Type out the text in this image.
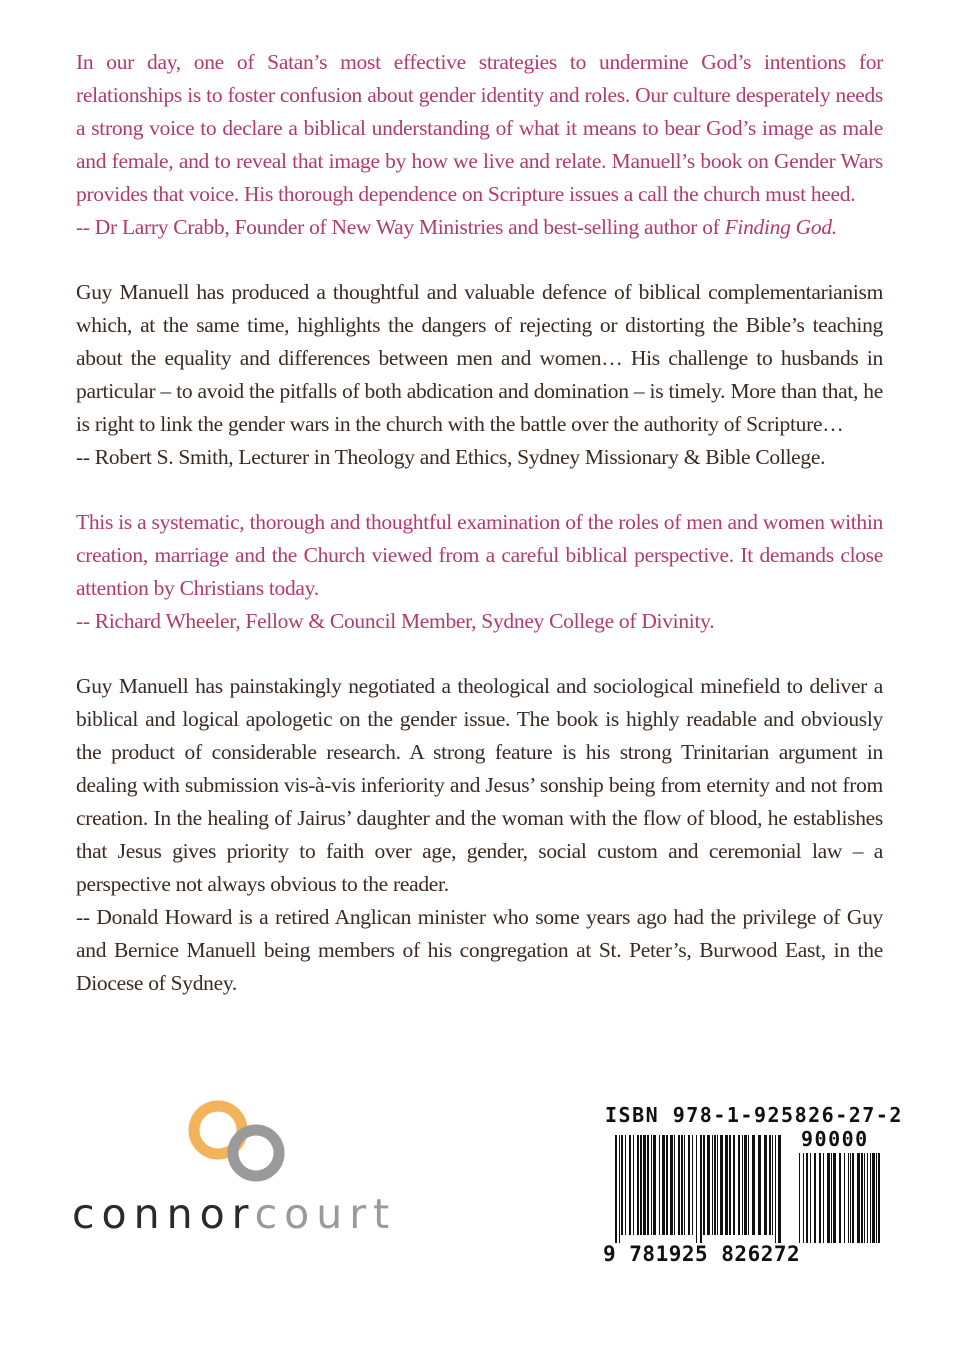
In our day, one of Satan’s most effective strategies to undermine God’s intentions for relationships is to foster confusion about gender identity and roles. Our culture desperately needs a strong voice to declare a biblical understanding of what it means to bear God’s image as male and female, and to reveal that image by how we live and relate. Manuell’s book on Gender Wars provides that voice. His thorough dependence on Scripture issues a call the church must heed.

-- Dr Larry Crabb, Founder of New Way Ministries and best-selling author of Finding God.

Guy Manuell has produced a thoughtful and valuable defence of biblical complementarianism which, at the same time, highlights the dangers of rejecting or distorting the Bible’s teaching about the equality and differences between men and women… His challenge to husbands in particular – to avoid the pitfalls of both abdication and domination – is timely. More than that, he is right to link the gender wars in the church with the battle over the authority of Scripture…

-- Robert S. Smith, Lecturer in Theology and Ethics, Sydney Missionary & Bible College.

This is a systematic, thorough and thoughtful examination of the roles of men and women within creation, marriage and the Church viewed from a careful biblical perspective. It demands close attention by Christians today.

-- Richard Wheeler, Fellow & Council Member, Sydney College of Divinity.

Guy Manuell has painstakingly negotiated a theological and sociological minefield to deliver a biblical and logical apologetic on the gender issue. The book is highly readable and obviously the product of considerable research. A strong feature is his strong Trinitarian argument in dealing with submission vis-à-vis inferiority and Jesus’ sonship being from eternity and not from creation. In the healing of Jairus’ daughter and the woman with the flow of blood, he establishes that Jesus gives priority to faith over age, gender, social custom and ceremonial law – a perspective not always obvious to the reader.

-- Donald Howard is a retired Anglican minister who some years ago had the privilege of Guy and Bernice Manuell being members of his congregation at St. Peter’s, Burwood East, in the Diocese of Sydney.

connorcourt
ISBN 978-1-925826-27-2
90000
9 781925 826272
